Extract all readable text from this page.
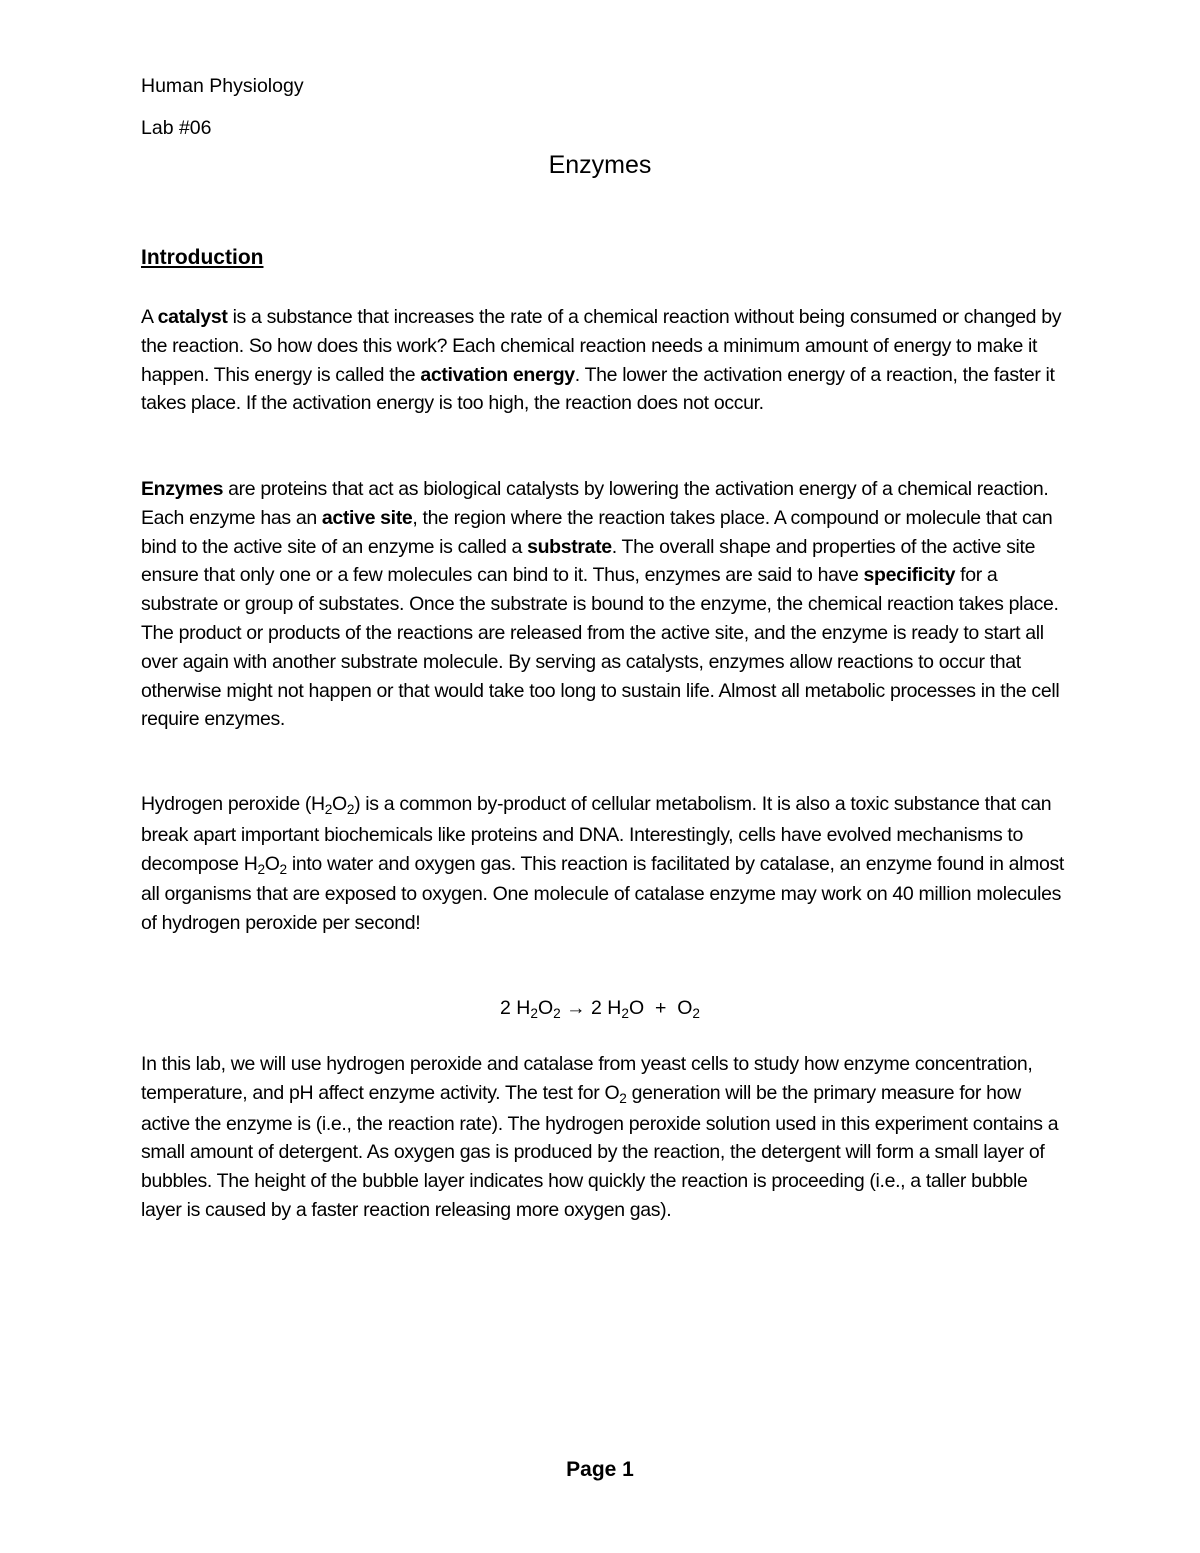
Human Physiology

Lab #06

Enzymes
Introduction

A catalyst is a substance that increases the rate of a chemical reaction without being consumed or changed by the reaction. So how does this work? Each chemical reaction needs a minimum amount of energy to make it happen. This energy is called the activation energy. The lower the activation energy of a reaction, the faster it takes place. If the activation energy is too high, the reaction does not occur.

Enzymes are proteins that act as biological catalysts by lowering the activation energy of a chemical reaction. Each enzyme has an active site, the region where the reaction takes place. A compound or molecule that can bind to the active site of an enzyme is called a substrate. The overall shape and properties of the active site ensure that only one or a few molecules can bind to it. Thus, enzymes are said to have specificity for a substrate or group of substates. Once the substrate is bound to the enzyme, the chemical reaction takes place. The product or products of the reactions are released from the active site, and the enzyme is ready to start all over again with another substrate molecule. By serving as catalysts, enzymes allow reactions to occur that otherwise might not happen or that would take too long to sustain life. Almost all metabolic processes in the cell require enzymes.

Hydrogen peroxide $(H_2O_2)$ is a common by-product of cellular metabolism. It is also a toxic substance that can break apart important biochemicals like proteins and DNA. Interestingly, cells have evolved mechanisms to decompose $H_2O_2$ into water and oxygen gas. This reaction is facilitated by catalase, an enzyme found in almost all organisms that are exposed to oxygen. One molecule of catalase enzyme may work on 40 million molecules of hydrogen peroxide per second!

2 $H_2O_2 \to 2$ $H_2O + O_2$

In this lab, we will use hydrogen peroxide and catalase from yeast cells to study how enzyme concentration, temperature, and pH affect enzyme activity. The test for $O_2$ generation will be the primary measure for how active the enzyme is (i.e., the reaction rate). The hydrogen peroxide solution used in this experiment contains a small amount of detergent. As oxygen gas is produced by the reaction, the detergent will form a small layer of bubbles. The height of the bubble layer indicates how quickly the reaction is proceeding (i.e., a taller bubble layer is caused by a faster reaction releasing more oxygen gas).

Page 1
